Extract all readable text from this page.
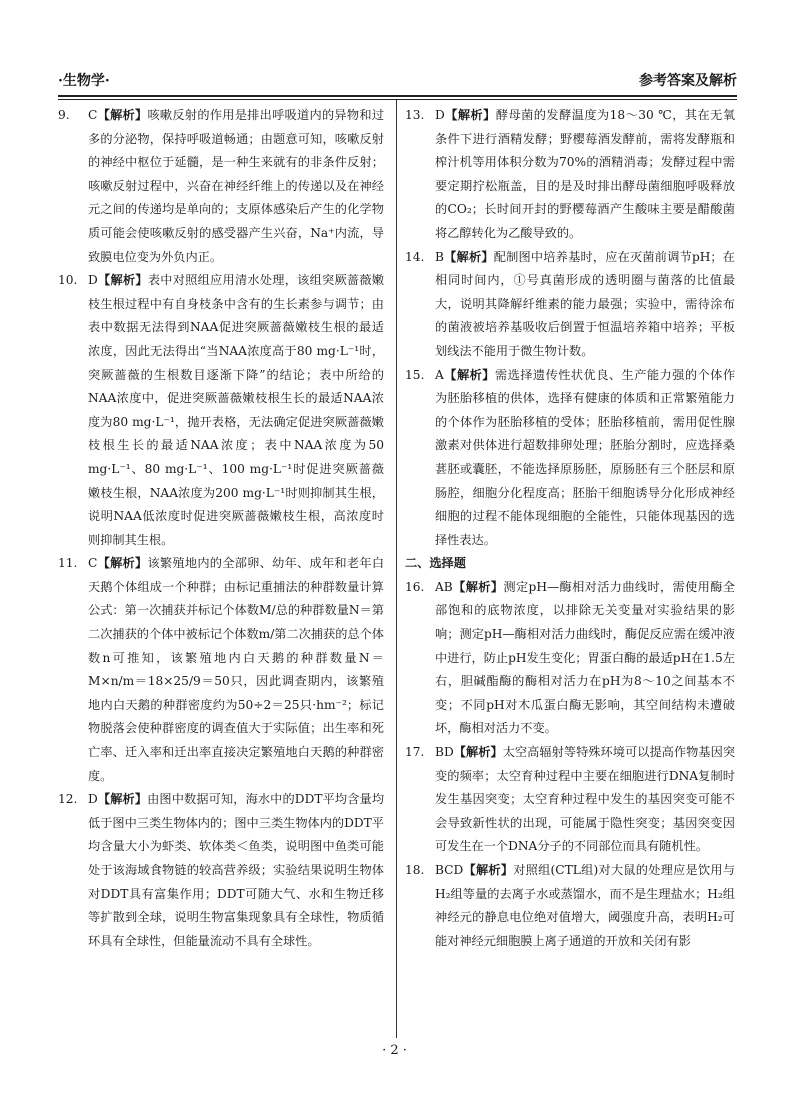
·生物学·	参考答案及解析

9. C【解析】咳嗽反射的作用是排出呼吸道内的异物和过多的分泌物，保持呼吸道畅通；由题意可知，咳嗽反射的神经中枢位于延髓，是一种生来就有的非条件反射；咳嗽反射过程中，兴奋在神经纤维上的传递以及在神经元之间的传递均是单向的；支原体感染后产生的化学物质可能会使咳嗽反射的感受器产生兴奋，Na⁺内流，导致膜电位变为外负内正。

10. D【解析】表中对照组应用清水处理，该组突厥蔷薇嫩枝生根过程中有自身枝条中含有的生长素参与调节；由表中数据无法得到NAA促进突厥蔷薇嫩枝生根的最适浓度，因此无法得出“当NAA浓度高于80 mg·L⁻¹时，突厥蔷薇的生根数目逐渐下降”的结论；表中所给的NAA浓度中，促进突厥蔷薇嫩枝根生长的最适NAA浓度为80 mg·L⁻¹，抛开表格，无法确定促进突厥蔷薇嫩枝根生长的最适NAA浓度；表中NAA浓度为50 mg·L⁻¹、80 mg·L⁻¹、100 mg·L⁻¹时促进突厥蔷薇嫩枝生根，NAA浓度为200 mg·L⁻¹时则抑制其生根，说明NAA低浓度时促进突厥蔷薇嫩枝生根，高浓度时则抑制其生根。

11. C【解析】该繁殖地内的全部卵、幼年、成年和老年白天鹅个体组成一个种群；由标记重捕法的种群数量计算公式：第一次捕获并标记个体数M/总的种群数量N＝第二次捕获的个体中被标记个体数m/第二次捕获的总个体数n可推知，该繁殖地内白天鹅的种群数量N＝M×n/m＝18×25/9＝50只，因此调查期内，该繁殖地内白天鹅的种群密度约为50÷2＝25只·hm⁻²；标记物脱落会使种群密度的调查值大于实际值；出生率和死亡率、迁入率和迁出率直接决定繁殖地白天鹅的种群密度。

12. D【解析】由图中数据可知，海水中的DDT平均含量均低于图中三类生物体内的；图中三类生物体内的DDT平均含量大小为虾类、软体类＜鱼类，说明图中鱼类可能处于该海域食物链的较高营养级；实验结果说明生物体对DDT具有富集作用；DDT可随大气、水和生物迁移等扩散到全球，说明生物富集现象具有全球性，物质循环具有全球性，但能量流动不具有全球性。

13. D【解析】酵母菌的发酵温度为18～30 ℃，其在无氧条件下进行酒精发酵；野樱莓酒发酵前，需将发酵瓶和榨汁机等用体积分数为70%的酒精消毒；发酵过程中需要定期拧松瓶盖，目的是及时排出酵母菌细胞呼吸释放的CO₂；长时间开封的野樱莓酒产生酸味主要是醋酸菌将乙醇转化为乙酸导致的。

14. B【解析】配制图中培养基时，应在灭菌前调节pH；在相同时间内，①号真菌形成的透明圈与菌落的比值最大，说明其降解纤维素的能力最强；实验中，需待涂布的菌液被培养基吸收后倒置于恒温培养箱中培养；平板划线法不能用于微生物计数。

15. A【解析】需选择遗传性状优良、生产能力强的个体作为胚胎移植的供体，选择有健康的体质和正常繁殖能力的个体作为胚胎移植的受体；胚胎移植前，需用促性腺激素对供体进行超数排卵处理；胚胎分割时，应选择桑葚胚或囊胚，不能选择原肠胚，原肠胚有三个胚层和原肠腔，细胞分化程度高；胚胎干细胞诱导分化形成神经细胞的过程不能体现细胞的全能性，只能体现基因的选择性表达。

二、选择题

16. AB【解析】测定pH—酶相对活力曲线时，需使用酶全部饱和的底物浓度，以排除无关变量对实验结果的影响；测定pH—酶相对活力曲线时，酶促反应需在缓冲液中进行，防止pH发生变化；胃蛋白酶的最适pH在1.5左右，胆碱酯酶的酶相对活力在pH为8～10之间基本不变；不同pH对木瓜蛋白酶无影响，其空间结构未遭破坏，酶相对活力不变。

17. BD【解析】太空高辐射等特殊环境可以提高作物基因突变的频率；太空育种过程中主要在细胞进行DNA复制时发生基因突变；太空育种过程中发生的基因突变可能不会导致新性状的出现，可能属于隐性突变；基因突变因可发生在一个DNA分子的不同部位而具有随机性。

18. BCD【解析】对照组(CTL组)对大鼠的处理应是饮用与H₂组等量的去离子水或蒸馏水，而不是生理盐水；H₂组神经元的静息电位绝对值增大，阈强度升高，表明H₂可能对神经元细胞膜上离子通道的开放和关闭有影

· 2 ·
